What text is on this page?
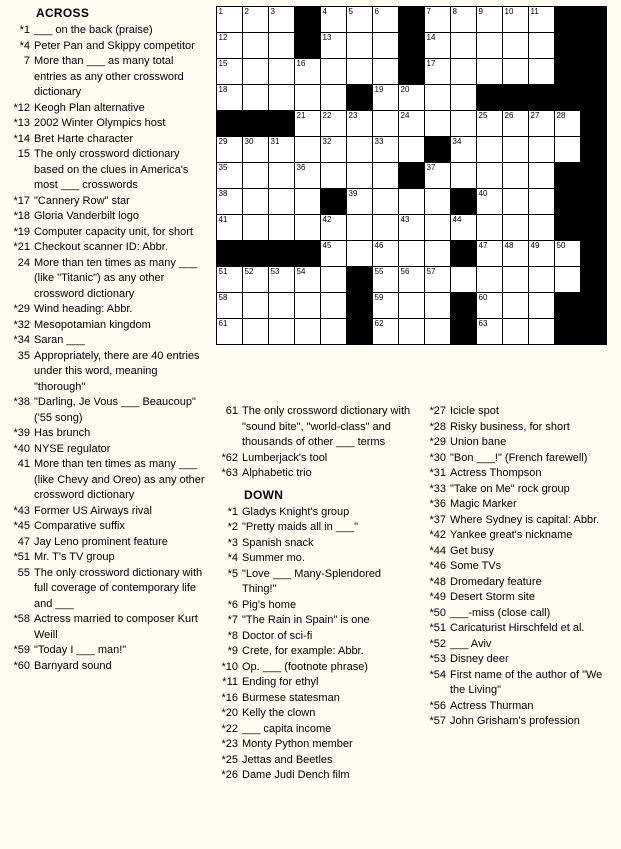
ACROSS
*1 ___ on the back (praise)
*4 Peter Pan and Skippy competitor
7 More than ___ as many total entries as any other crossword dictionary
*12 Keogh Plan alternative
*13 2002 Winter Olympics host
*14 Bret Harte character
15 The only crossword dictionary based on the clues in America's most ___ crosswords
*17 "Cannery Row" star
*18 Gloria Vanderbilt logo
*19 Computer capacity unit, for short
*21 Checkout scanner ID: Abbr.
24 More than ten times as many ___ (like "Titanic") as any other crossword dictionary
*29 Wind heading: Abbr.
*32 Mesopotamian kingdom
*34 Saran ___
35 Appropriately, there are 40 entries under this word, meaning "thorough"
*38 "Darling, Je Vous ___ Beaucoup" ('55 song)
*39 Has brunch
*40 NYSE regulator
41 More than ten times as many ___ (like Chevy and Oreo) as any other crossword dictionary
*43 Former US Airways rival
*45 Comparative suffix
47 Jay Leno prominent feature
*51 Mr. T's TV group
55 The only crossword dictionary with full coverage of contemporary life and ___
*58 Actress married to composer Kurt Weill
*59 "Today I ___ man!"
*60 Barnyard sound
1	2	3		4	5	6		7	8	9	10	11		

12				13				14						

15			16					17						

18						19	20							

			21	22	23		24			25	26	27	28	

29	30	31		32		33			34					

35			36					37						

38					39					40				

41				42			43		44					

				45		46				47	48	49	50	

51	52	53	54			55	56	57						

58						59				60				

61						62				63				

61 The only crossword dictionary with "sound bite", "world-class" and thousands of other ___ terms
*62 Lumberjack's tool
*63 Alphabetic trio
DOWN
*1 Gladys Knight's group
*2 "Pretty maids all in ___"
*3 Spanish snack
*4 Summer mo.
*5 "Love ___ Many-Splendored Thing!"
*6 Pig's home
*7 "The Rain in Spain" is one
*8 Doctor of sci-fi
*9 Crete, for example: Abbr.
*10 Op. ___ (footnote phrase)
*11 Ending for ethyl
*16 Burmese statesman
*20 Kelly the clown
*22 ___ capita income
*23 Monty Python member
*25 Jettas and Beetles
*26 Dame Judi Dench film
*27 Icicle spot
*28 Risky business, for short
*29 Union bane
*30 "Bon ___!" (French farewell)
*31 Actress Thompson
*33 "Take on Me" rock group
*36 Magic Marker
*37 Where Sydney is capital: Abbr.
*42 Yankee great's nickname
*44 Get busy
*46 Some TVs
*48 Dromedary feature
*49 Desert Storm site
*50 ___-miss (close call)
*51 Caricaturist Hirschfeld et al.
*52 ___ Aviv
*53 Disney deer
*54 First name of the author of "We the Living"
*56 Actress Thurman
*57 John Grisham's profession
